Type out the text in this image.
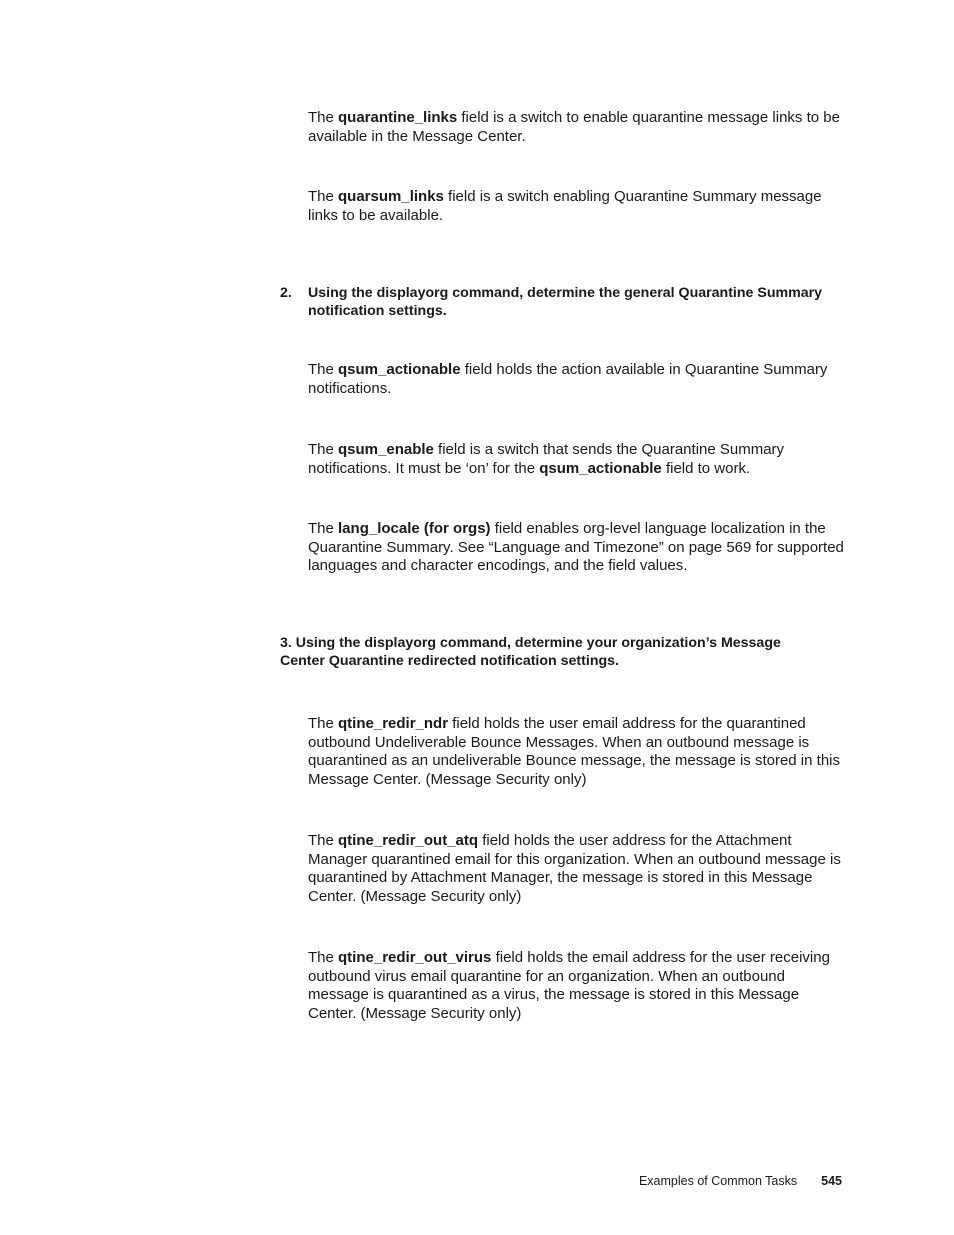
The quarantine_links field is a switch to enable quarantine message links to be available in the Message Center.

The quarsum_links field is a switch enabling Quarantine Summary message links to be available.

2. Using the displayorg command, determine the general Quarantine Summary notification settings.

The qsum_actionable field holds the action available in Quarantine Summary notifications.

The qsum_enable field is a switch that sends the Quarantine Summary notifications. It must be ‘on’ for the qsum_actionable field to work.

The lang_locale (for orgs) field enables org-level language localization in the Quarantine Summary. See “Language and Timezone” on page 569 for supported languages and character encodings, and the field values.

3. Using the displayorg command, determine your organization’s Message Center Quarantine redirected notification settings.

The qtine_redir_ndr field holds the user email address for the quarantined outbound Undeliverable Bounce Messages. When an outbound message is quarantined as an undeliverable Bounce message, the message is stored in this Message Center. (Message Security only)

The qtine_redir_out_atq field holds the user address for the Attachment Manager quarantined email for this organization. When an outbound message is quarantined by Attachment Manager, the message is stored in this Message Center. (Message Security only)

The qtine_redir_out_virus field holds the email address for the user receiving outbound virus email quarantine for an organization. When an outbound message is quarantined as a virus, the message is stored in this Message Center. (Message Security only)

Examples of Common Tasks 545
